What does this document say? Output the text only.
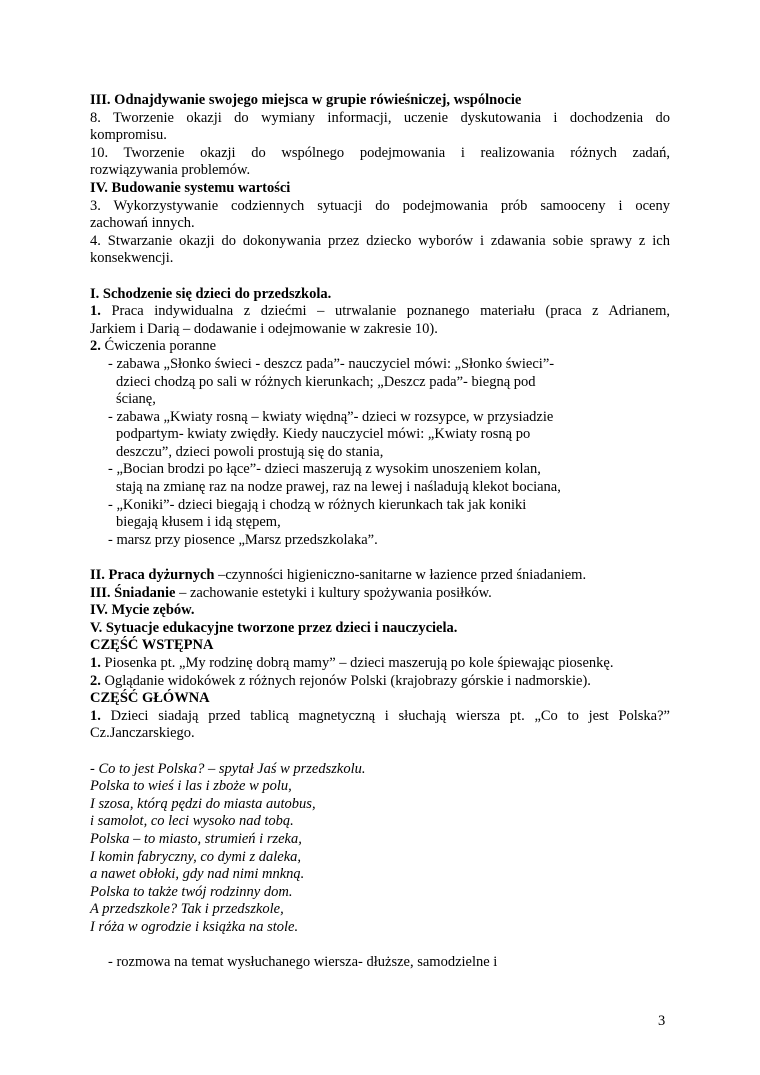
III. Odnajdywanie swojego miejsca w grupie rówieśniczej, wspólnocie
8. Tworzenie okazji do wymiany informacji, uczenie dyskutowania i dochodzenia do
kompromisu.
10. Tworzenie okazji do wspólnego podejmowania i realizowania różnych zadań,
rozwiązywania problemów.
IV. Budowanie systemu wartości
3. Wykorzystywanie codziennych sytuacji do podejmowania prób samooceny i oceny
zachowań innych.
4. Stwarzanie okazji do dokonywania przez dziecko wyborów i zdawania sobie sprawy z ich
konsekwencji.
I. Schodzenie się dzieci do przedszkola.
1. Praca indywidualna z dziećmi – utrwalanie poznanego materiału (praca z Adrianem,
Jarkiem i Darią – dodawanie i odejmowanie w zakresie 10).
2. Ćwiczenia poranne
- zabawa „Słonko świeci - deszcz pada”- nauczyciel mówi: „Słonko świeci”-
dzieci chodzą po sali w różnych kierunkach; „Deszcz pada”- biegną pod
ścianę,
- zabawa „Kwiaty rosną – kwiaty więdną”- dzieci w rozsypce, w przysiadzie
podpartym- kwiaty zwiędły. Kiedy nauczyciel mówi: „Kwiaty rosną po
deszczu”, dzieci powoli prostują się do stania,
- „Bocian brodzi po łące”- dzieci maszerują z wysokim unoszeniem kolan,
stają na zmianę raz na nodze prawej, raz na lewej i naśladują klekot bociana,
- „Koniki”- dzieci biegają i chodzą w różnych kierunkach tak jak koniki
biegają kłusem i idą stępem,
- marsz przy piosence „Marsz przedszkolaka”.
II. Praca dyżurnych –czynności higieniczno-sanitarne w łazience przed śniadaniem.
III. Śniadanie – zachowanie estetyki i kultury spożywania posiłków.
IV. Mycie zębów.
V. Sytuacje edukacyjne tworzone przez dzieci i nauczyciela.
CZĘŚĆ WSTĘPNA
1. Piosenka pt. „My rodzinę dobrą mamy” – dzieci maszerują po kole śpiewając piosenkę.
2. Oglądanie widokówek z różnych rejonów Polski (krajobrazy górskie i nadmorskie).
CZĘŚĆ GŁÓWNA
1. Dzieci siadają przed tablicą magnetyczną i słuchają wiersza pt. „Co to jest Polska?”
Cz.Janczarskiego.
- Co to jest Polska? – spytał Jaś w przedszkolu.
Polska to wieś i las i zboże w polu,
I szosa, którą pędzi do miasta autobus,
i samolot, co leci wysoko nad tobą.
Polska – to miasto, strumień i rzeka,
I komin fabryczny, co dymi z daleka,
a nawet obłoki, gdy nad nimi mnkną.
Polska to także twój rodzinny dom.
A przedszkole? Tak i przedszkole,
I róża w ogrodzie i książka na stole.
- rozmowa na temat wysłuchanego wiersza- dłuższe, samodzielne i
3
